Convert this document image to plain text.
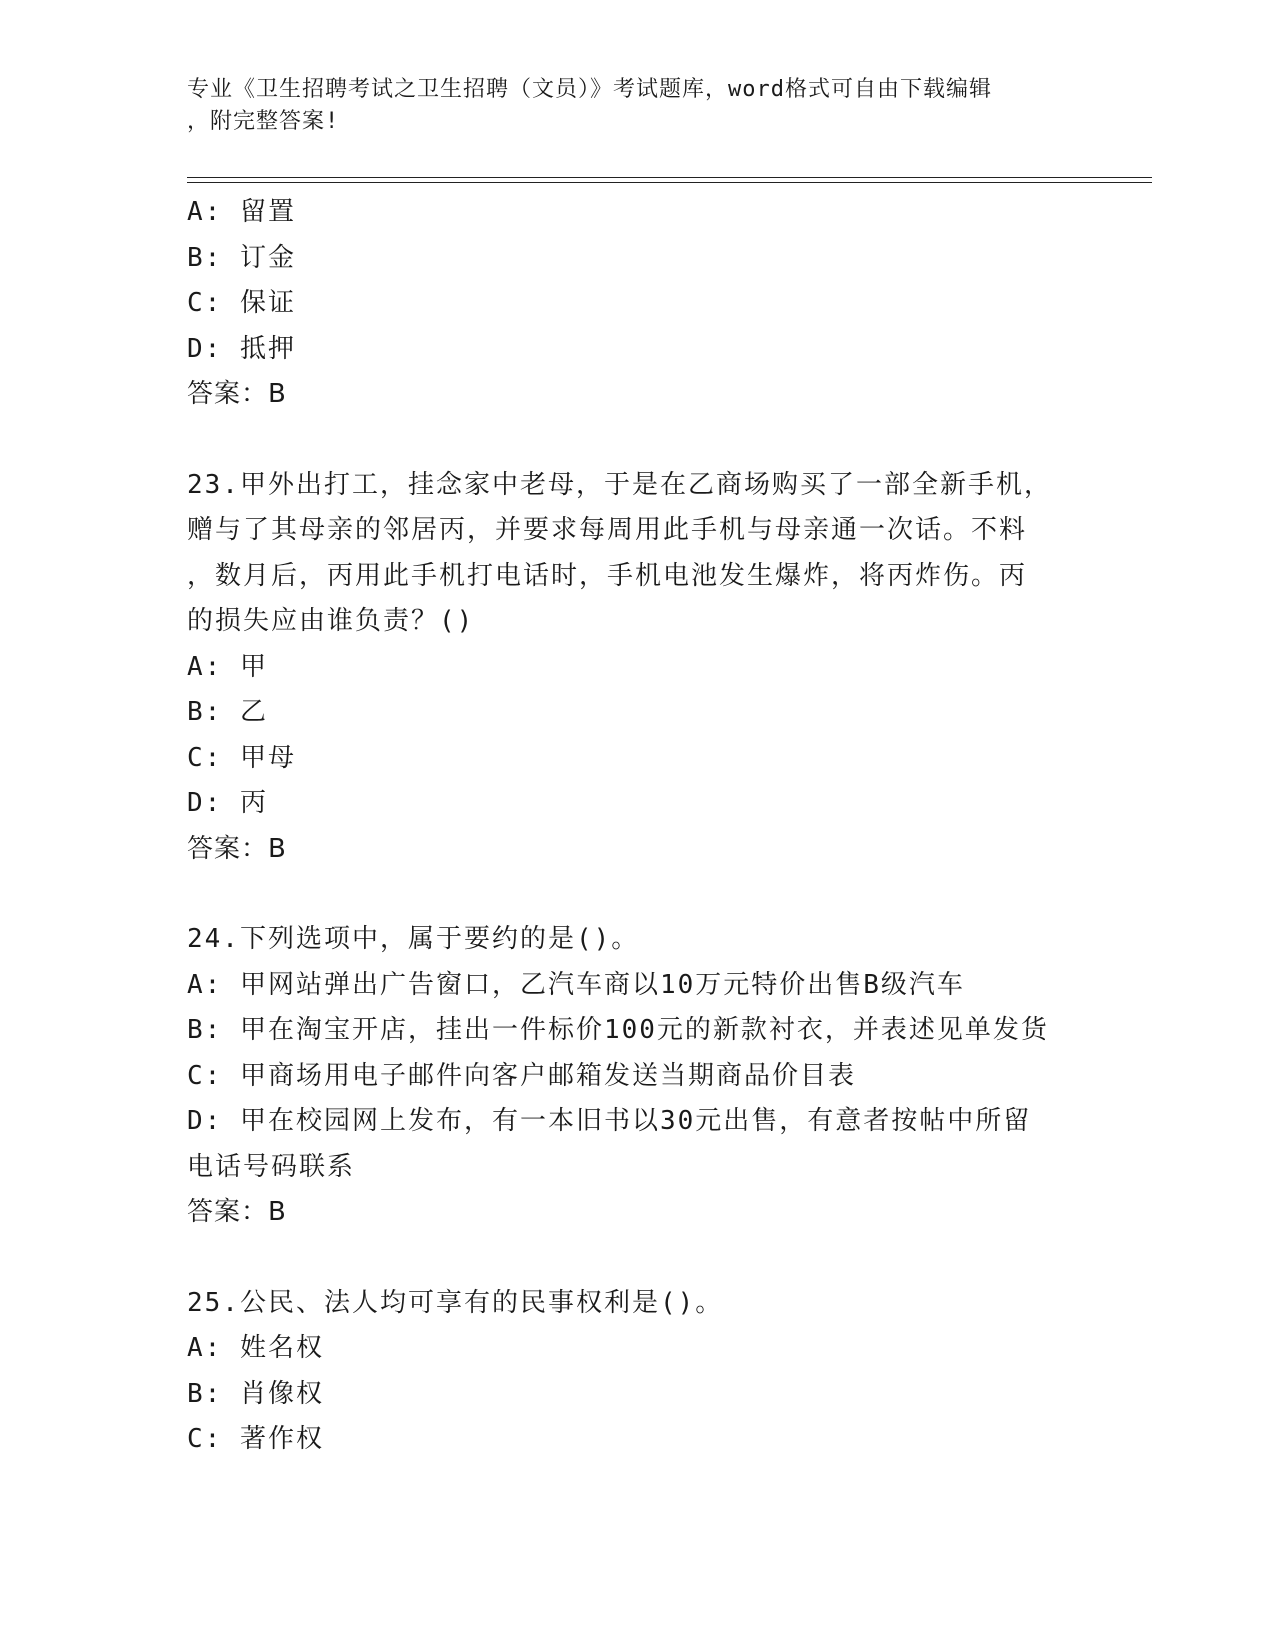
专业《卫生招聘考试之卫生招聘（文员）》考试题库，word格式可自由下载编辑
，附完整答案!
A: 留置
B: 订金
C: 保证
D: 抵押
答案：B
23.甲外出打工，挂念家中老母，于是在乙商场购买了一部全新手机，
赠与了其母亲的邻居丙，并要求每周用此手机与母亲通一次话。不料
，数月后，丙用此手机打电话时，手机电池发生爆炸，将丙炸伤。丙
的损失应由谁负责？()
A: 甲
B: 乙
C: 甲母
D: 丙
答案：B
24.下列选项中，属于要约的是()。
A: 甲网站弹出广告窗口，乙汽车商以10万元特价出售B级汽车
B: 甲在淘宝开店，挂出一件标价100元的新款衬衣，并表述见单发货
C: 甲商场用电子邮件向客户邮箱发送当期商品价目表
D: 甲在校园网上发布，有一本旧书以30元出售，有意者按帖中所留
电话号码联系
答案：B
25.公民、法人均可享有的民事权利是()。
A: 姓名权
B: 肖像权
C: 著作权
